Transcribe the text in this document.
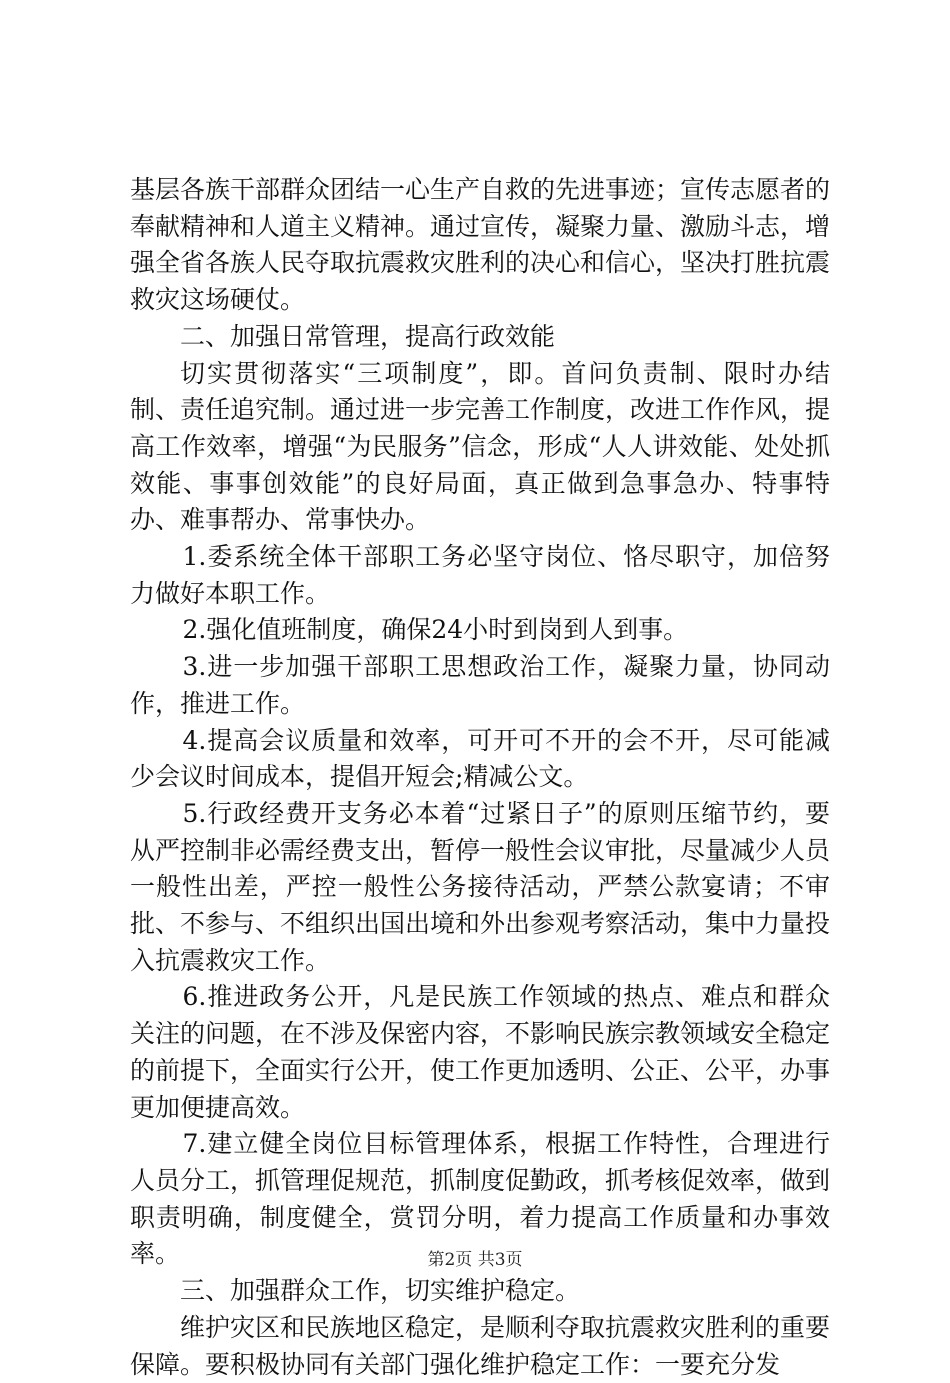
基层各族干部群众团结一心生产自救的先进事迹；宣传志愿者的奉献精神和人道主义精神。通过宣传，凝聚力量、激励斗志，增强全省各族人民夺取抗震救灾胜利的决心和信心，坚决打胜抗震救灾这场硬仗。

二、加强日常管理，提高行政效能

切实贯彻落实“三项制度”，即。首问负责制、限时办结制、责任追究制。通过进一步完善工作制度，改进工作作风，提高工作效率，增强“为民服务”信念，形成“人人讲效能、处处抓效能、事事创效能”的良好局面，真正做到急事急办、特事特办、难事帮办、常事快办。

1.委系统全体干部职工务必坚守岗位、恪尽职守，加倍努力做好本职工作。

2.强化值班制度，确保24小时到岗到人到事。

3.进一步加强干部职工思想政治工作，凝聚力量，协同动作，推进工作。

4.提高会议质量和效率，可开可不开的会不开，尽可能减少会议时间成本，提倡开短会;精减公文。

5.行政经费开支务必本着“过紧日子”的原则压缩节约，要从严控制非必需经费支出，暂停一般性会议审批，尽量减少人员一般性出差，严控一般性公务接待活动，严禁公款宴请；不审批、不参与、不组织出国出境和外出参观考察活动，集中力量投入抗震救灾工作。

6.推进政务公开，凡是民族工作领域的热点、难点和群众关注的问题，在不涉及保密内容，不影响民族宗教领域安全稳定的前提下，全面实行公开，使工作更加透明、公正、公平，办事更加便捷高效。

7.建立健全岗位目标管理体系，根据工作特性，合理进行人员分工，抓管理促规范，抓制度促勤政，抓考核促效率，做到职责明确，制度健全，赏罚分明，着力提高工作质量和办事效率。

三、加强群众工作，切实维护稳定。

维护灾区和民族地区稳定，是顺利夺取抗震救灾胜利的重要保障。要积极协同有关部门强化维护稳定工作：一要充分发

第2页 共3页
